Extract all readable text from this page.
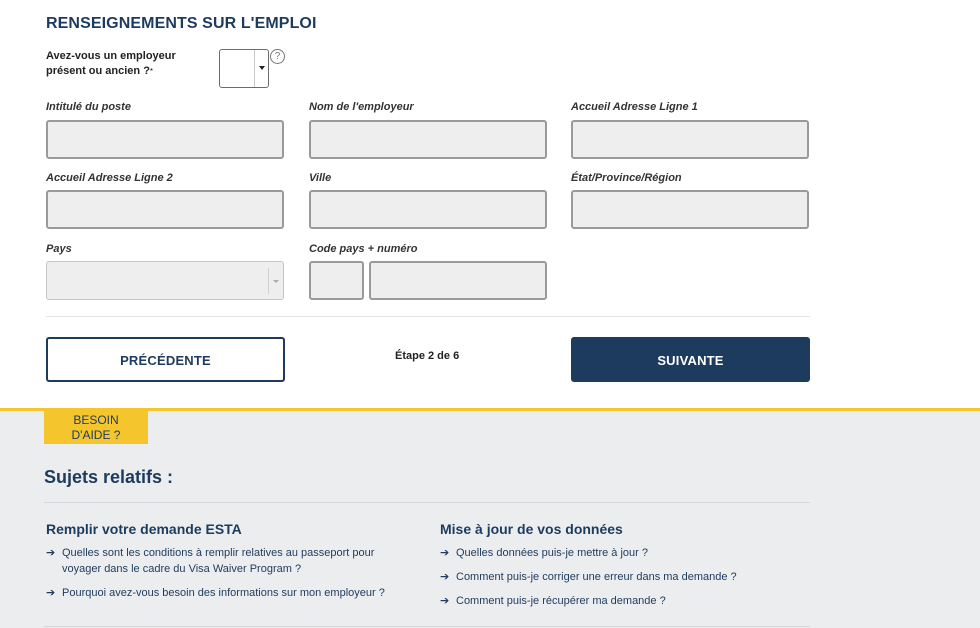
RENSEIGNEMENTS SUR L'EMPLOI
Avez-vous un employeur présent ou ancien ?*
?
Intitulé du poste	Nom de l'employeur	Accueil Adresse Ligne 1
Accueil Adresse Ligne 2	Ville	État/Province/Région
Pays	Code pays + numéro
PRÉCÉDENTE	Étape 2 de 6	SUIVANTE
BESOIN
D'AIDE ?
Sujets relatifs :
Remplir votre demande ESTA
➔ Quelles sont les conditions à remplir relatives au passeport pour voyager dans le cadre du Visa Waiver Program ?
➔ Pourquoi avez-vous besoin des informations sur mon employeur ?
Mise à jour de vos données
➔ Quelles données puis-je mettre à jour ?
➔ Comment puis-je corriger une erreur dans ma demande ?
➔ Comment puis-je récupérer ma demande ?
